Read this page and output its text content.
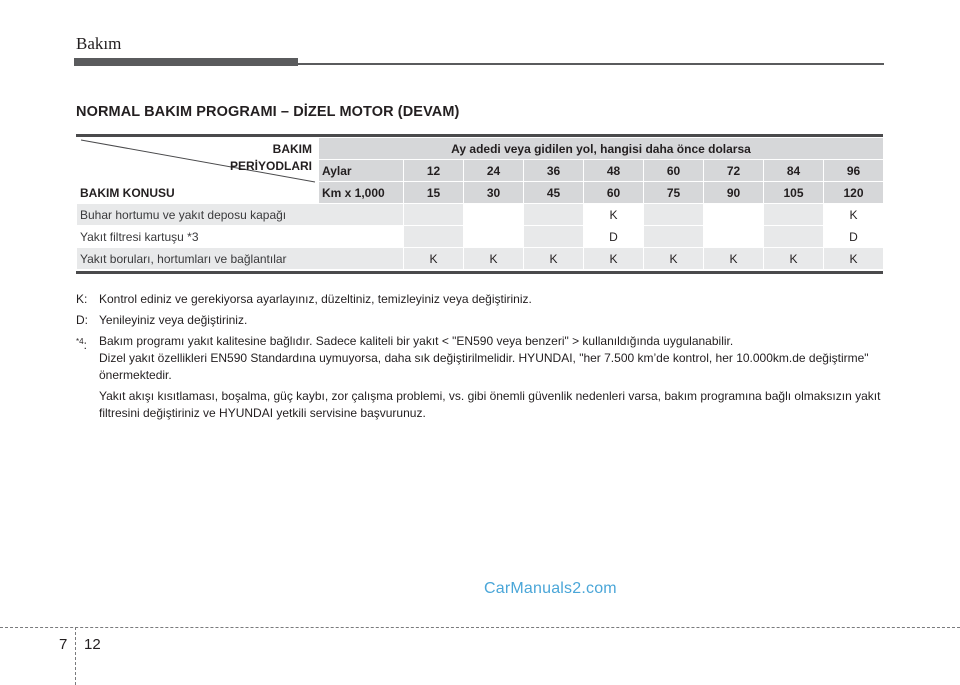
Bakım
NORMAL BAKIM PROGRAMI – DİZEL MOTOR (DEVAM)
BAKIM
PERİYODLARI
BAKIM KONUSU	Ay adedi veya gidilen yol, hangisi daha önce dolarsa								
	Aylar	12	24	36	48	60	72	84	96
	Km x 1,000	15	30	45	60	75	90	105	120
Buhar hortumu ve yakıt deposu kapağı					K				K
Yakıt filtresi kartuşu *3					D				D
Yakıt boruları, hortumları ve bağlantılar		K	K	K	K	K	K	K	K
K: Kontrol ediniz ve gerekiyorsa ayarlayınız, düzeltiniz, temizleyiniz veya değiştiriniz.

D: Yenileyiniz veya değiştiriniz.

$^{*4}$: Bakım programı yakıt kalitesine bağlıdır. Sadece kaliteli bir yakıt < "EN590 veya benzeri" > kullanıldığında uygulanabilir.

Dizel yakıt özellikleri EN590 Standardına uymuyorsa, daha sık değiştirilmelidir. HYUNDAI, "her 7.500 km’de kontrol, her 10.000km.de değiştirme" önermektedir.

Yakıt akışı kısıtlaması, boşalma, güç kaybı, zor çalışma problemi, vs. gibi önemli güvenlik nedenleri varsa, bakım programına bağlı olmaksızın yakıt filtresini değiştiriniz ve HYUNDAI yetkili servisine başvurunuz.

CarManuals2.com
7 12
